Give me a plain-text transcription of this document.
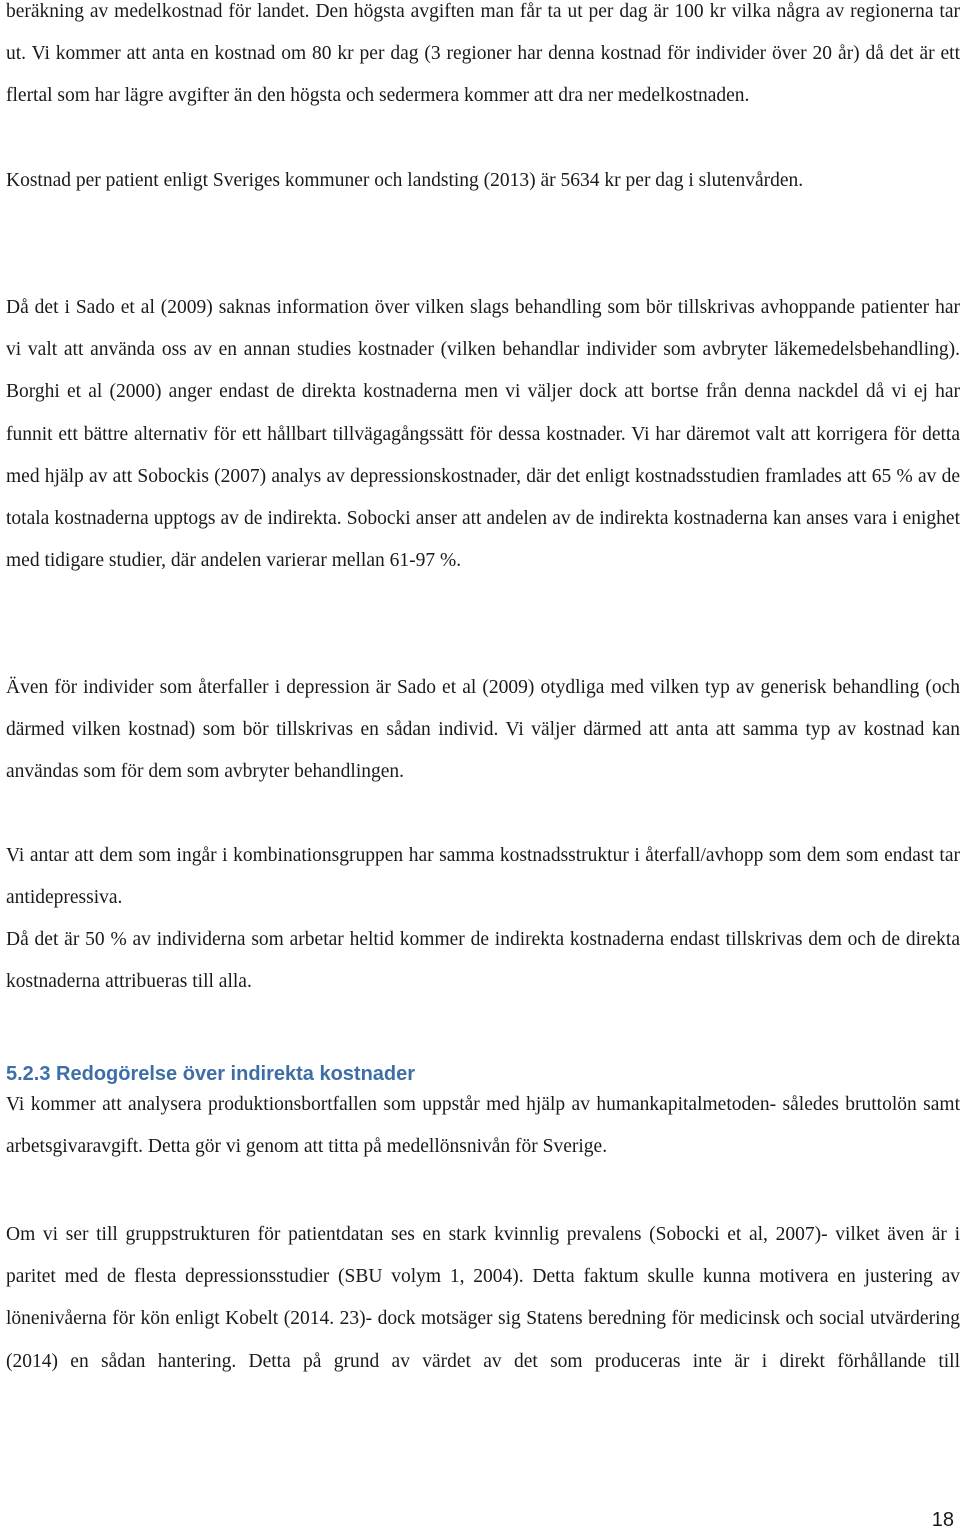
beräkning av medelkostnad för landet. Den högsta avgiften man får ta ut per dag är 100 kr vilka några av regionerna tar ut. Vi kommer att anta en kostnad om 80 kr per dag (3 regioner har denna kostnad för individer över 20 år) då det är ett flertal som har lägre avgifter än den högsta och sedermera kommer att dra ner medelkostnaden.

Kostnad per patient enligt Sveriges kommuner och landsting (2013) är 5634 kr per dag i slutenvården.

Då det i Sado et al (2009) saknas information över vilken slags behandling som bör tillskrivas avhoppande patienter har vi valt att använda oss av en annan studies kostnader (vilken behandlar individer som avbryter läkemedelsbehandling). Borghi et al (2000) anger endast de direkta kostnaderna men vi väljer dock att bortse från denna nackdel då vi ej har funnit ett bättre alternativ för ett hållbart tillvägagångssätt för dessa kostnader. Vi har däremot valt att korrigera för detta med hjälp av att Sobockis (2007) analys av depressionskostnader, där det enligt kostnadsstudien framlades att 65 % av de totala kostnaderna upptogs av de indirekta. Sobocki anser att andelen av de indirekta kostnaderna kan anses vara i enighet med tidigare studier, där andelen varierar mellan 61-97 %.

Även för individer som återfaller i depression är Sado et al (2009) otydliga med vilken typ av generisk behandling (och därmed vilken kostnad) som bör tillskrivas en sådan individ. Vi väljer därmed att anta att samma typ av kostnad kan användas som för dem som avbryter behandlingen.

Vi antar att dem som ingår i kombinationsgruppen har samma kostnadsstruktur i återfall/avhopp som dem som endast tar antidepressiva.

Då det är 50 % av individerna som arbetar heltid kommer de indirekta kostnaderna endast tillskrivas dem och de direkta kostnaderna attribueras till alla.

5.2.3 Redogörelse över indirekta kostnader

Vi kommer att analysera produktionsbortfallen som uppstår med hjälp av humankapitalmetoden- således bruttolön samt arbetsgivaravgift. Detta gör vi genom att titta på medellönsnivån för Sverige.

Om vi ser till gruppstrukturen för patientdatan ses en stark kvinnlig prevalens (Sobocki et al, 2007)- vilket även är i paritet med de flesta depressionsstudier (SBU volym 1, 2004). Detta faktum skulle kunna motivera en justering av lönenivåerna för kön enligt Kobelt (2014. 23)- dock motsäger sig Statens beredning för medicinsk och social utvärdering (2014) en sådan hantering. Detta på grund av värdet av det som produceras inte är i direkt förhållande till

18
